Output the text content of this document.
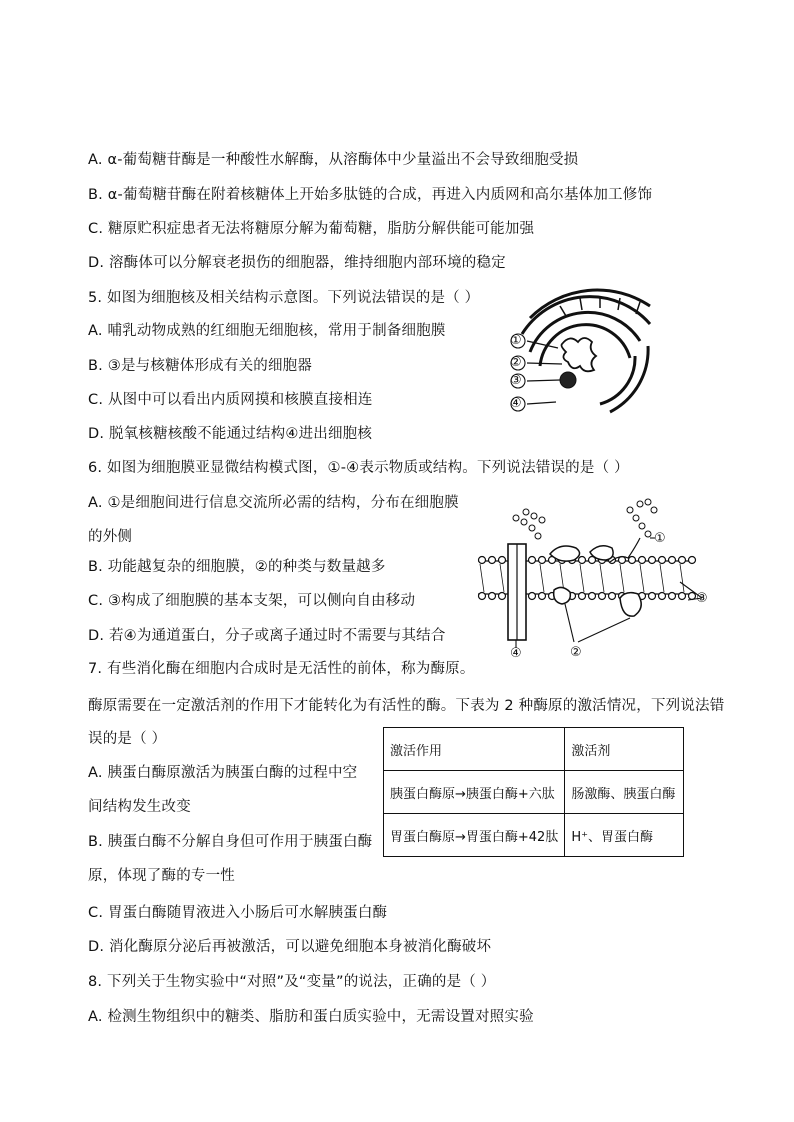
A. α-葡萄糖苷酶是一种酸性水解酶，从溶酶体中少量溢出不会导致细胞受损
B. α-葡萄糖苷酶在附着核糖体上开始多肽链的合成，再进入内质网和高尔基体加工修饰
C. 糖原贮积症患者无法将糖原分解为葡萄糖，脂肪分解供能可能加强
D. 溶酶体可以分解衰老损伤的细胞器，维持细胞内部环境的稳定
5. 如图为细胞核及相关结构示意图。下列说法错误的是（ ）
A. 哺乳动物成熟的红细胞无细胞核，常用于制备细胞膜
B. ③是与核糖体形成有关的细胞器
C. 从图中可以看出内质网摸和核膜直接相连
D. 脱氧核糖核酸不能通过结构④进出细胞核
①
②
③
④
6. 如图为细胞膜亚显微结构模式图，①-④表示物质或结构。下列说法错误的是（ ）
A. ①是细胞间进行信息交流所必需的结构，分布在细胞膜
的外侧
B. 功能越复杂的细胞膜，②的种类与数量越多
C. ③构成了细胞膜的基本支架，可以侧向自由移动
D. 若④为通道蛋白，分子或离子通过时不需要与其结合
①
②
③
④
7. 有些消化酶在细胞内合成时是无活性的前体，称为酶原。
酶原需要在一定激活剂的作用下才能转化为有活性的酶。下表为 2 种酶原的激活情况，下列说法错
误的是（ ）
A. 胰蛋白酶原激活为胰蛋白酶的过程中空
间结构发生改变
B. 胰蛋白酶不分解自身但可作用于胰蛋白酶
原，体现了酶的专一性
C. 胃蛋白酶随胃液进入小肠后可水解胰蛋白酶
D. 消化酶原分泌后再被激活，可以避免细胞本身被消化酶破坏
激活作用	激活剂
胰蛋白酶原→胰蛋白酶+六肽	肠激酶、胰蛋白酶
胃蛋白酶原→胃蛋白酶+42肽	H⁺、胃蛋白酶
8. 下列关于生物实验中“对照”及“变量”的说法，正确的是（ ）
A. 检测生物组织中的糖类、脂肪和蛋白质实验中，无需设置对照实验
